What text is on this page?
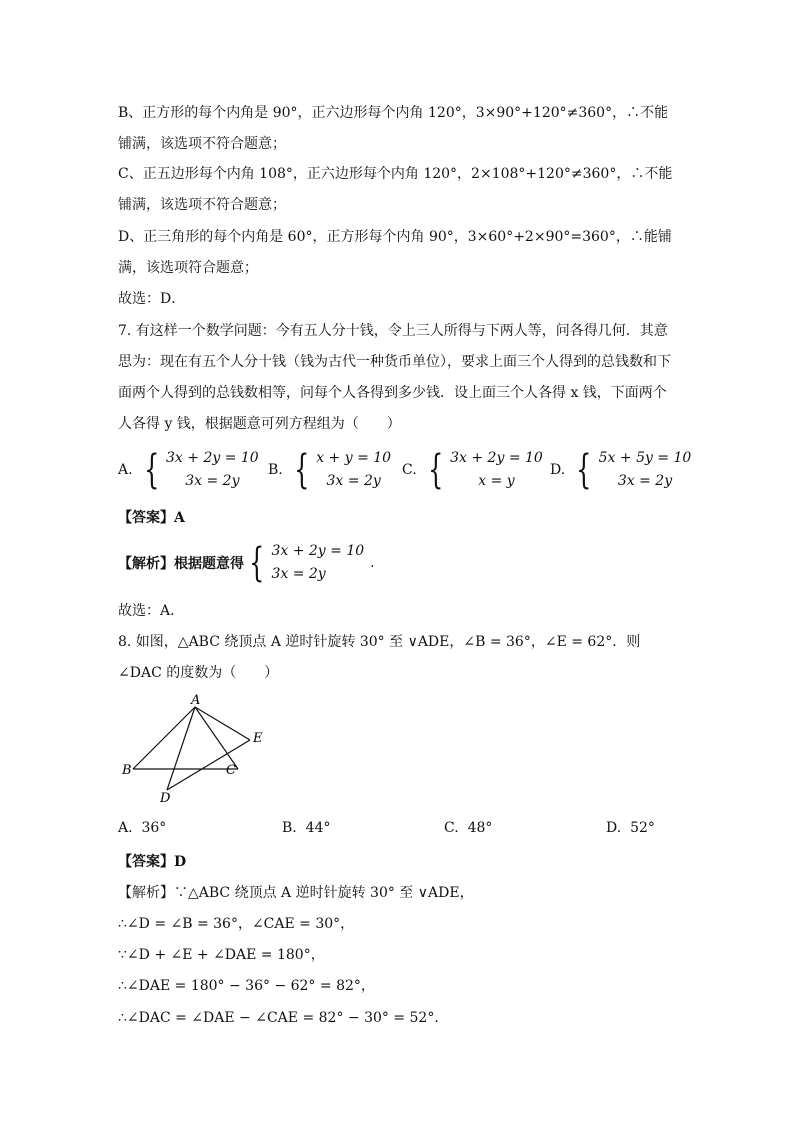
B、正方形的每个内角是 90°，正六边形每个内角 120°，3×90°+120°≠360°，∴不能
铺满，该选项不符合题意；
C、正五边形每个内角 108°，正六边形每个内角 120°，2×108°+120°≠360°，∴不能
铺满，该选项不符合题意；
D、正三角形的每个内角是 60°，正方形每个内角 90°，3×60°+2×90°=360°，∴能铺
满，该选项符合题意；
故选：D．
7. 有这样一个数学问题：今有五人分十钱，令上三人所得与下两人等，问各得几何．其意
思为：现在有五个人分十钱（钱为古代一种货币单位），要求上面三个人得到的总钱数和下
面两个人得到的总钱数相等，问每个人各得到多少钱．设上面三个人各得 x 钱，下面两个
人各得 y 钱，根据题意可列方程组为（　　）
A. { 3x + 2y = 10
3x = 2y
B. { x + y = 10
3x = 2y
C. { 3x + 2y = 10
x = y
D. { 5x + 5y = 10
3x = 2y
【答案】A
【解析】根据题意得 { 3x + 2y = 10
3x = 2y
.
故选：A．
8. 如图，△ABC 绕顶点 A 逆时针旋转 30° 至 ∨ADE，∠B = 36°，∠E = 62°．则
∠DAC 的度数为（　　）
A
B	C
D
E
A. 36°	B. 44°	C. 48°	D. 52°
【答案】D
【解析】∵△ABC 绕顶点 A 逆时针旋转 30° 至 ∨ADE，
∴∠D = ∠B = 36°，∠CAE = 30°，
∵∠D + ∠E + ∠DAE = 180°，
∴∠DAE = 180° − 36° − 62° = 82°，
∴∠DAC = ∠DAE − ∠CAE = 82° − 30° = 52°．
